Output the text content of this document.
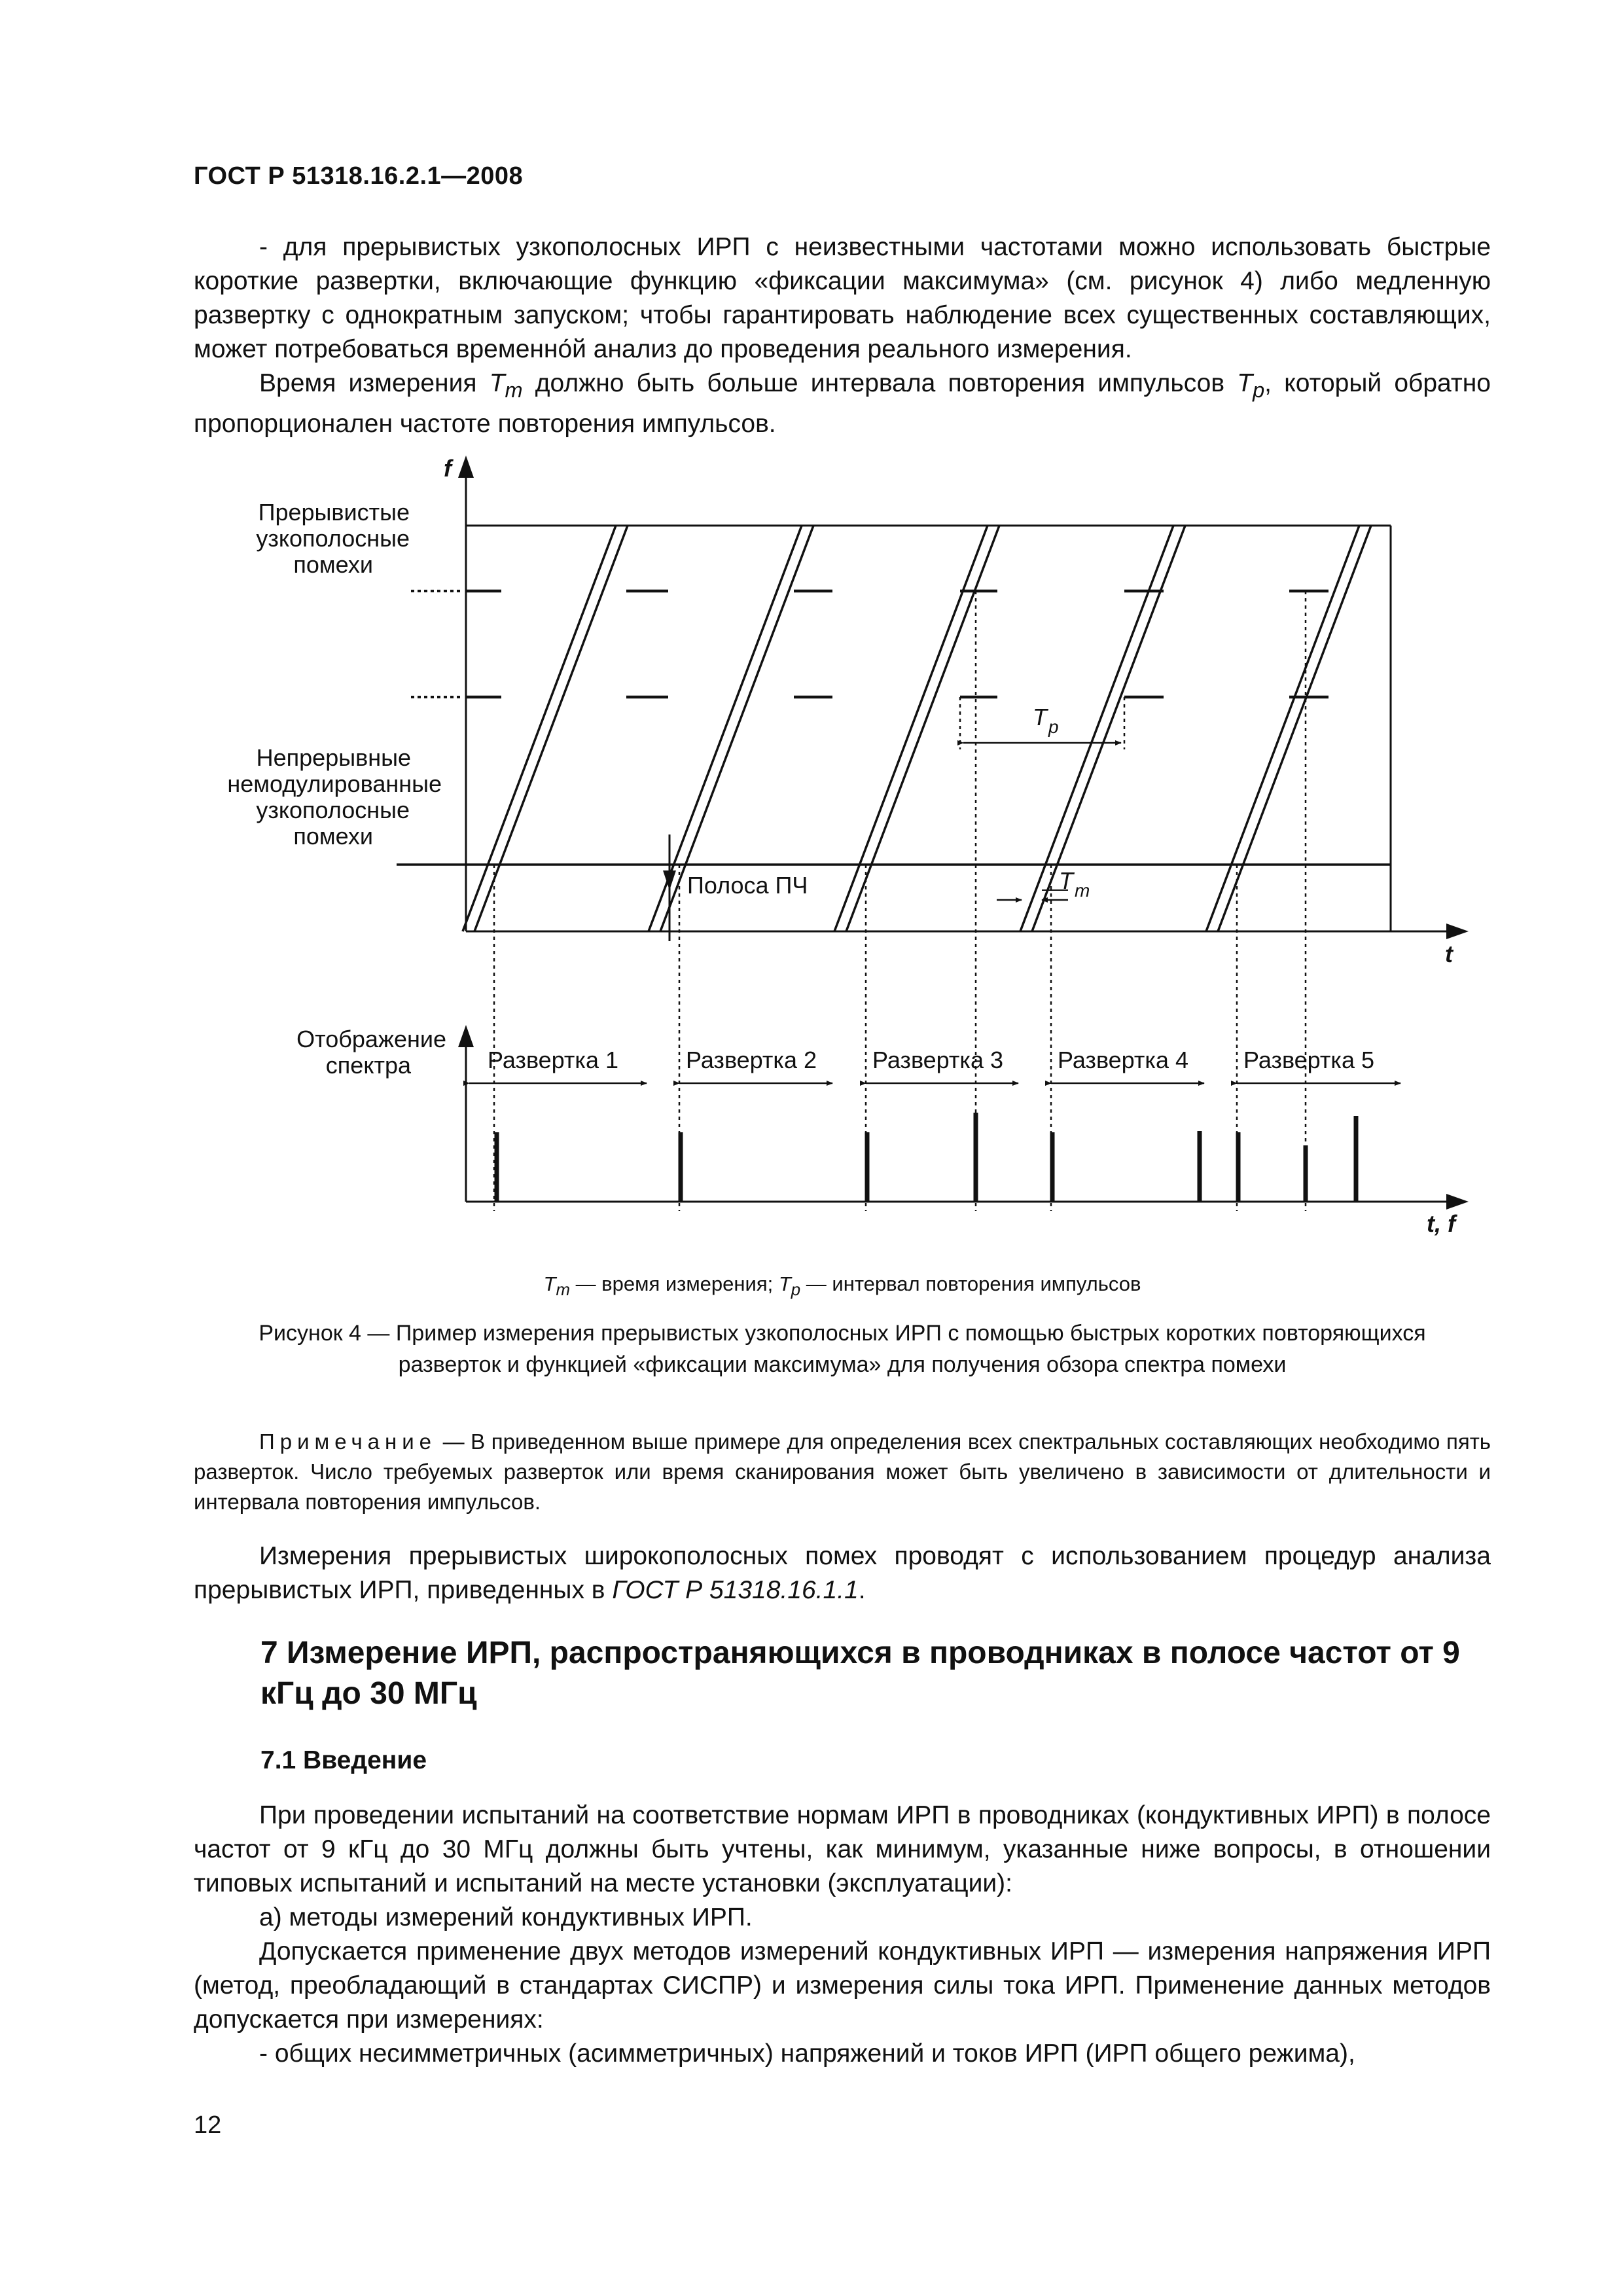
ГОСТ Р 51318.16.2.1—2008

- для прерывистых узкополосных ИРП с неизвестными частотами можно использовать быстрые короткие развертки, включающие функцию «фиксации максимума» (см. рисунок 4) либо медленную развертку с однократным запуском; чтобы гарантировать наблюдение всех существенных составляющих, может потребоваться временно́й анализ до проведения реального измерения.

Время измерения $T_m$ должно быть больше интервала повторения импульсов $T_p$, который обратно пропорционален частоте повторения импульсов.

f
t
t, f
Прерывистые
узкополосные
помехи
Непрерывные
немодулированные
узкополосные
помехи
Отображение
спектра
Полоса ПЧ
T p
T m
Развертка 1	Развертка 2 Развертка 3 Развертка 4 Развертка 5
$T_m$ — время измерения; $T_p$ — интервал повторения импульсов
Рисунок 4 — Пример измерения прерывистых узкополосных ИРП с помощью быстрых коротких повторяющихся
разверток и функцией «фиксации максимума» для получения обзора спектра помехи

Примечание — В приведенном выше примере для определения всех спектральных составляющих необходимо пять разверток. Число требуемых разверток или время сканирования может быть увеличено в зависимости от длительности и интервала повторения импульсов.

Измерения прерывистых широкополосных помех проводят с использованием процедур анализа прерывистых ИРП, приведенных в ГОСТ Р 51318.16.1.1.

7 Измерение ИРП, распространяющихся в проводниках в полосе частот от 9 кГц до 30 МГц
7.1 Введение

При проведении испытаний на соответствие нормам ИРП в проводниках (кондуктивных ИРП) в полосе частот от 9 кГц до 30 МГц должны быть учтены, как минимум, указанные ниже вопросы, в отношении типовых испытаний и испытаний на месте установки (эксплуатации):

а) методы измерений кондуктивных ИРП.

Допускается применение двух методов измерений кондуктивных ИРП — измерения напряжения ИРП (метод, преобладающий в стандартах СИСПР) и измерения силы тока ИРП. Применение данных методов допускается при измерениях:

- общих несимметричных (асимметричных) напряжений и токов ИРП (ИРП общего режима),

12
